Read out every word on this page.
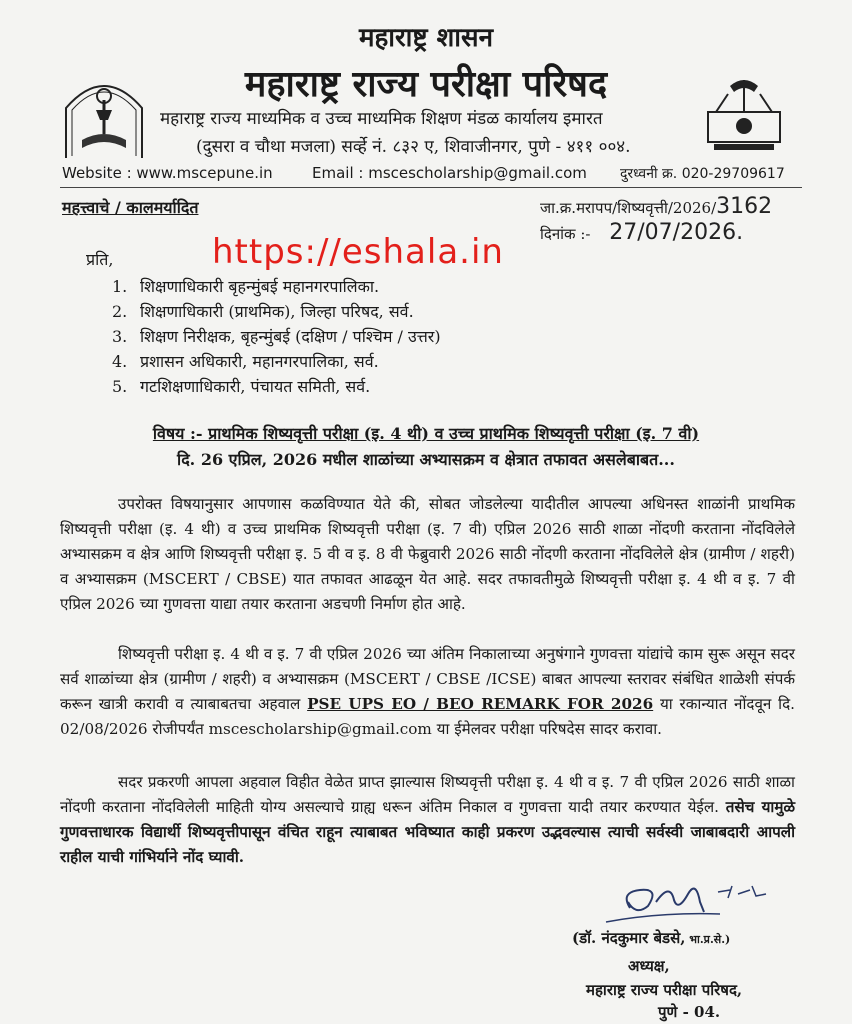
महाराष्ट्र शासन
महाराष्ट्र राज्य परीक्षा परिषद
महाराष्ट्र राज्य माध्यमिक व उच्च माध्यमिक शिक्षण मंडळ कार्यालय इमारत
(दुसरा व चौथा मजला) सर्व्हे नं. ८३२ ए, शिवाजीनगर, पुणे - ४११ ००४.
Website : www.mscepune.in	Email : mscescholarship@gmail.com दुरध्वनी क्र. 020-29709617
महत्त्वाचे / कालमर्यादित	जा.क्र.मरापप/शिष्यवृत्ती/2026/3162
दिनांक :- 27/07/2026.
https://eshala.in
प्रति,
1. शिक्षणाधिकारी बृहन्मुंबई महानगरपालिका.
2. शिक्षणाधिकारी (प्राथमिक), जिल्हा परिषद, सर्व.
3. शिक्षण निरीक्षक, बृहन्मुंबई (दक्षिण / पश्चिम / उत्तर)
4. प्रशासन अधिकारी, महानगरपालिका, सर्व.
5. गटशिक्षणाधिकारी, पंचायत समिती, सर्व.
विषय :- प्राथमिक शिष्यवृत्ती परीक्षा (इ. 4 थी) व उच्च प्राथमिक शिष्यवृत्ती परीक्षा (इ. 7 वी)
दि. 26 एप्रिल, 2026 मधील शाळांच्या अभ्यासक्रम व क्षेत्रात तफावत असलेबाबत...

उपरोक्त विषयानुसार आपणास कळविण्यात येते की, सोबत जोडलेल्या यादीतील आपल्या अधिनस्त शाळांनी प्राथमिक शिष्यवृत्ती परीक्षा (इ. 4 थी) व उच्च प्राथमिक शिष्यवृत्ती परीक्षा (इ. 7 वी) एप्रिल 2026 साठी शाळा नोंदणी करताना नोंदविलेले अभ्यासक्रम व क्षेत्र आणि शिष्यवृत्ती परीक्षा इ. 5 वी व इ. 8 वी फेब्रुवारी 2026 साठी नोंदणी करताना नोंदविलेले क्षेत्र (ग्रामीण / शहरी) व अभ्यासक्रम (MSCERT / CBSE) यात तफावत आढळून येत आहे. सदर तफावतीमुळे शिष्यवृत्ती परीक्षा इ. 4 थी व इ. 7 वी एप्रिल 2026 च्या गुणवत्ता याद्या तयार करताना अडचणी निर्माण होत आहे.

शिष्यवृत्ती परीक्षा इ. 4 थी व इ. 7 वी एप्रिल 2026 च्या अंतिम निकालाच्या अनुषंगाने गुणवत्ता यांद्यांचे काम सुरू असून सदर सर्व शाळांच्या क्षेत्र (ग्रामीण / शहरी) व अभ्यासक्रम (MSCERT / CBSE /ICSE) बाबत आपल्या स्तरावर संबंधित शाळेशी संपर्क करून खात्री करावी व त्याबाबतचा अहवाल PSE UPS EO / BEO REMARK FOR 2026 या रकान्यात नोंदवून दि. 02/08/2026 रोजीपर्यंत mscescholarship@gmail.com या ईमेलवर परीक्षा परिषदेस सादर करावा.

सदर प्रकरणी आपला अहवाल विहीत वेळेत प्राप्त झाल्यास शिष्यवृत्ती परीक्षा इ. 4 थी व इ. 7 वी एप्रिल 2026 साठी शाळा नोंदणी करताना नोंदविलेली माहिती योग्य असल्याचे ग्राह्य धरून अंतिम निकाल व गुणवत्ता यादी तयार करण्यात येईल. तसेच यामुळे गुणवत्ताधारक विद्यार्थी शिष्यवृत्तीपासून वंचित राहून त्याबाबत भविष्यात काही प्रकरण उद्भवल्यास त्याची सर्वस्वी जाबाबदारी आपली राहील याची गांभिर्याने नोंद घ्यावी.

(डॉ. नंदकुमार बेडसे, भा.प्र.से.)
अध्यक्ष,
महाराष्ट्र राज्य परीक्षा परिषद,
पुणे - 04.
